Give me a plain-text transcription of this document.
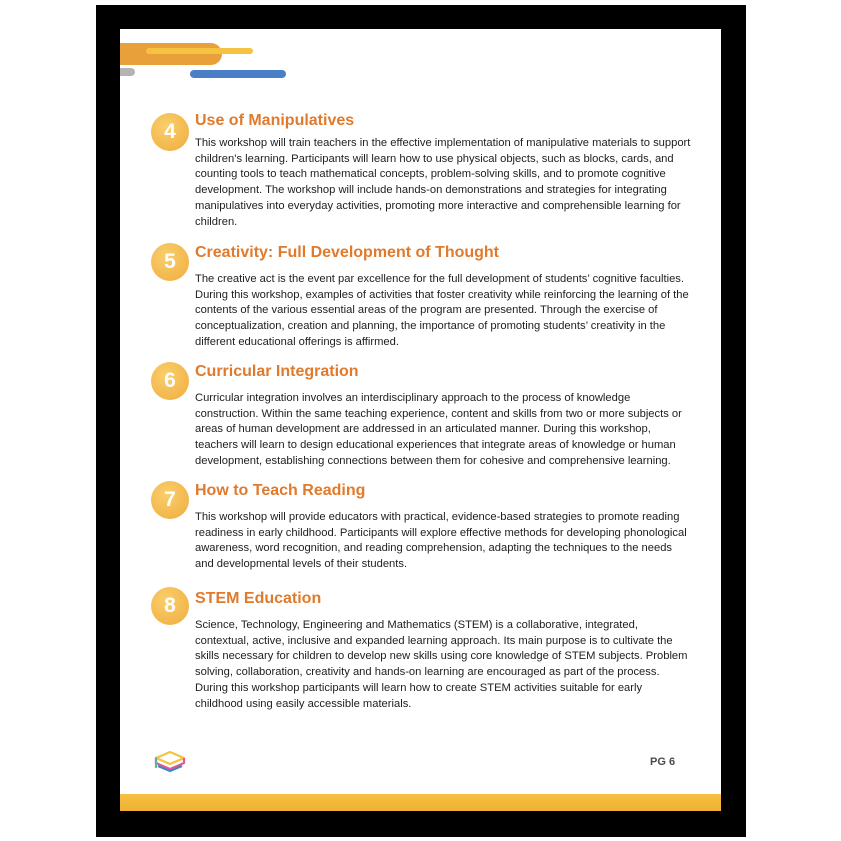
4	Use of Manipulatives

This workshop will train teachers in the effective implementation of manipulative materials to support children’s learning. Participants will learn how to use physical objects, such as blocks, cards, and counting tools to teach mathematical concepts, problem-solving skills, and to promote cognitive development. The workshop will include hands-on demonstrations and strategies for integrating manipulatives into everyday activities, promoting more interactive and comprehensible learning for children.

5	Creativity: Full Development of Thought

The creative act is the event par excellence for the full development of students’ cognitive faculties. During this workshop, examples of activities that foster creativity while reinforcing the learning of the contents of the various essential areas of the program are presented. Through the exercise of conceptualization, creation and planning, the importance of promoting students’ creativity in the different educational offerings is affirmed.

6	Curricular Integration

Curricular integration involves an interdisciplinary approach to the process of knowledge construction. Within the same teaching experience, content and skills from two or more subjects or areas of human development are addressed in an articulated manner. During this workshop, teachers will learn to design educational experiences that integrate areas of knowledge or human development, establishing connections between them for cohesive and comprehensive learning.

7	How to Teach Reading

This workshop will provide educators with practical, evidence-based strategies to promote reading readiness in early childhood. Participants will explore effective methods for developing phonological awareness, word recognition, and reading comprehension, adapting the techniques to the needs and developmental levels of their students.

8	STEM Education

Science, Technology, Engineering and Mathematics (STEM) is a collaborative, integrated, contextual, active, inclusive and expanded learning approach. Its main purpose is to cultivate the skills necessary for children to develop new skills using core knowledge of STEM subjects. Problem solving, collaboration, creativity and hands-on learning are encouraged as part of the process. During this workshop participants will learn how to create STEM activities suitable for early childhood using easily accessible materials.

PG 6
